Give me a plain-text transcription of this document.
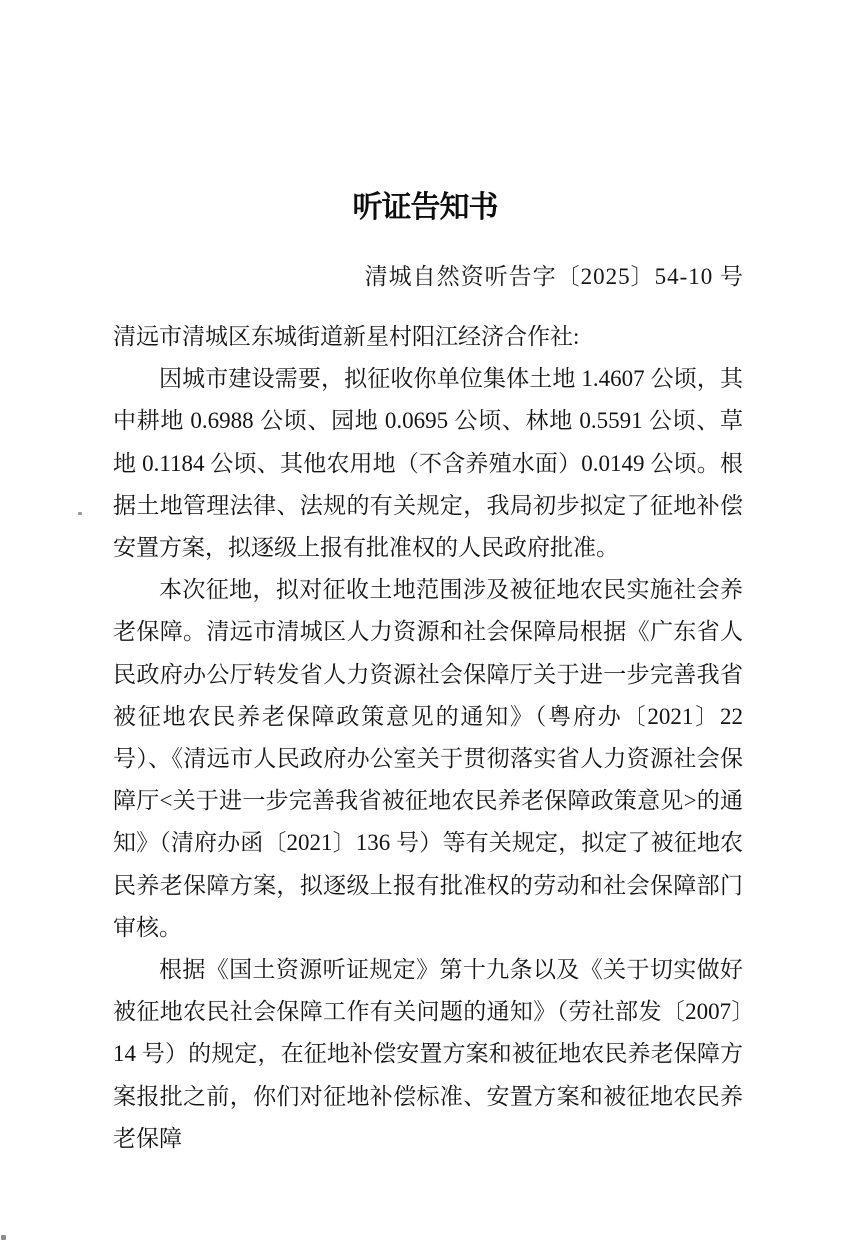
听证告知书
清城自然资听告字〔2025〕54-10 号

清远市清城区东城街道新星村阳江经济合作社:

因城市建设需要，拟征收你单位集体土地 1.4607 公顷，其中耕地 0.6988 公顷、园地 0.0695 公顷、林地 0.5591 公顷、草地 0.1184 公顷、其他农用地（不含养殖水面）0.0149 公顷。根据土地管理法律、法规的有关规定，我局初步拟定了征地补偿安置方案，拟逐级上报有批准权的人民政府批准。

本次征地，拟对征收土地范围涉及被征地农民实施社会养老保障。清远市清城区人力资源和社会保障局根据《广东省人民政府办公厅转发省人力资源社会保障厅关于进一步完善我省被征地农民养老保障政策意见的通知》（粤府办〔2021〕22 号）、《清远市人民政府办公室关于贯彻落实省人力资源社会保障厅<关于进一步完善我省被征地农民养老保障政策意见>的通知》（清府办函〔2021〕136 号）等有关规定，拟定了被征地农民养老保障方案，拟逐级上报有批准权的劳动和社会保障部门审核。

根据《国土资源听证规定》第十九条以及《关于切实做好被征地农民社会保障工作有关问题的通知》（劳社部发〔2007〕14 号）的规定，在征地补偿安置方案和被征地农民养老保障方案报批之前，你们对征地补偿标准、安置方案和被征地农民养老保障
